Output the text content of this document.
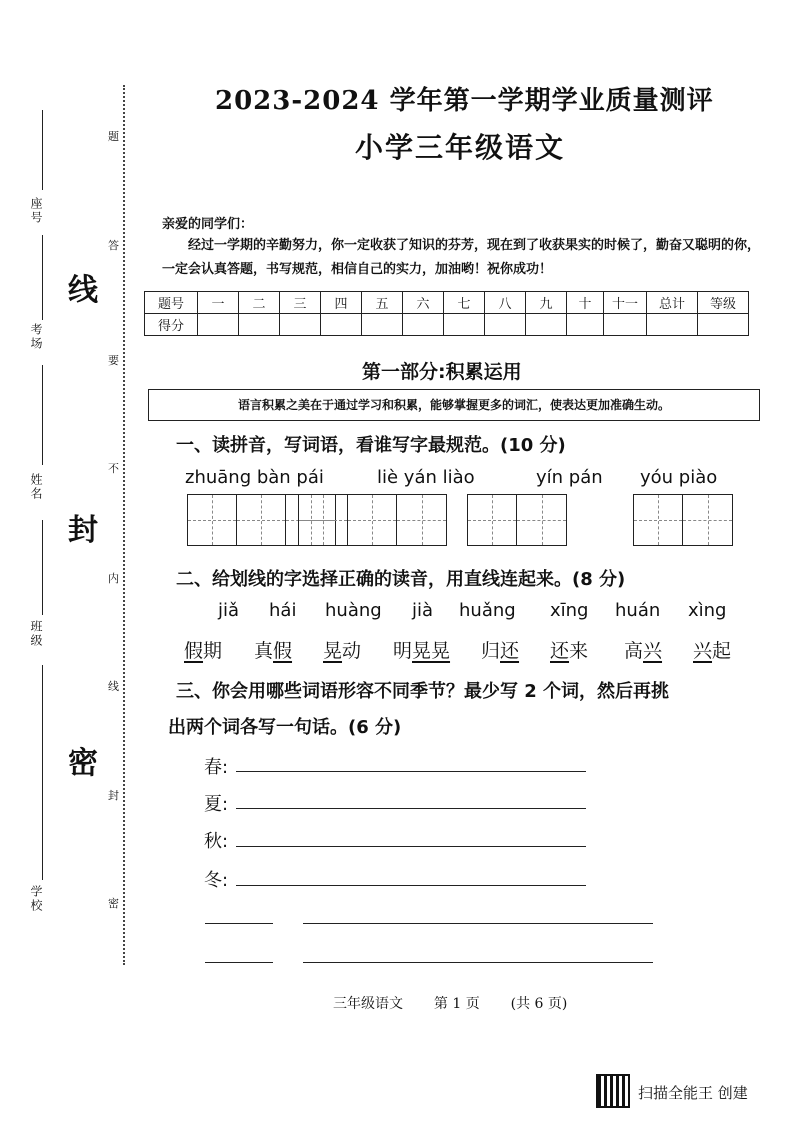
座号
考场
姓名
班级
学校
线
封
密
题
答
要
不
内
线
封
密
2023-2024 学年第一学期学业质量测评
小学三年级语文
亲爱的同学们：
经过一学期的辛勤努力，你一定收获了知识的芬芳，现在到了收获果实的时候了，勤奋又聪明的你，一定会认真答题，书写规范，相信自己的实力，加油哟！祝你成功！
题号	一	二	三	四	五	六	七	八	九	十	十一	总计	等级
得分													
第一部分:积累运用
语言积累之美在于通过学习和积累，能够掌握更多的词汇，使表达更加准确生动。
一、读拼音，写词语，看谁写字最规范。(10 分)
zhuāng bàn pái	liè yán liào	yín pán yóu piào
二、给划线的字选择正确的读音，用直线连起来。(8 分)
jiǎ hái huàng jià huǎng xīng huán xìng
假期 真假 晃动 明晃晃 归还 还来 高兴 兴起
三、你会用哪些词语形容不同季节？最少写 2 个词，然后再挑
出两个词各写一句话。(6 分)
春:
夏:
秋:
冬:
三年级语文 第 1 页 (共 6 页)
扫描全能王 创建
